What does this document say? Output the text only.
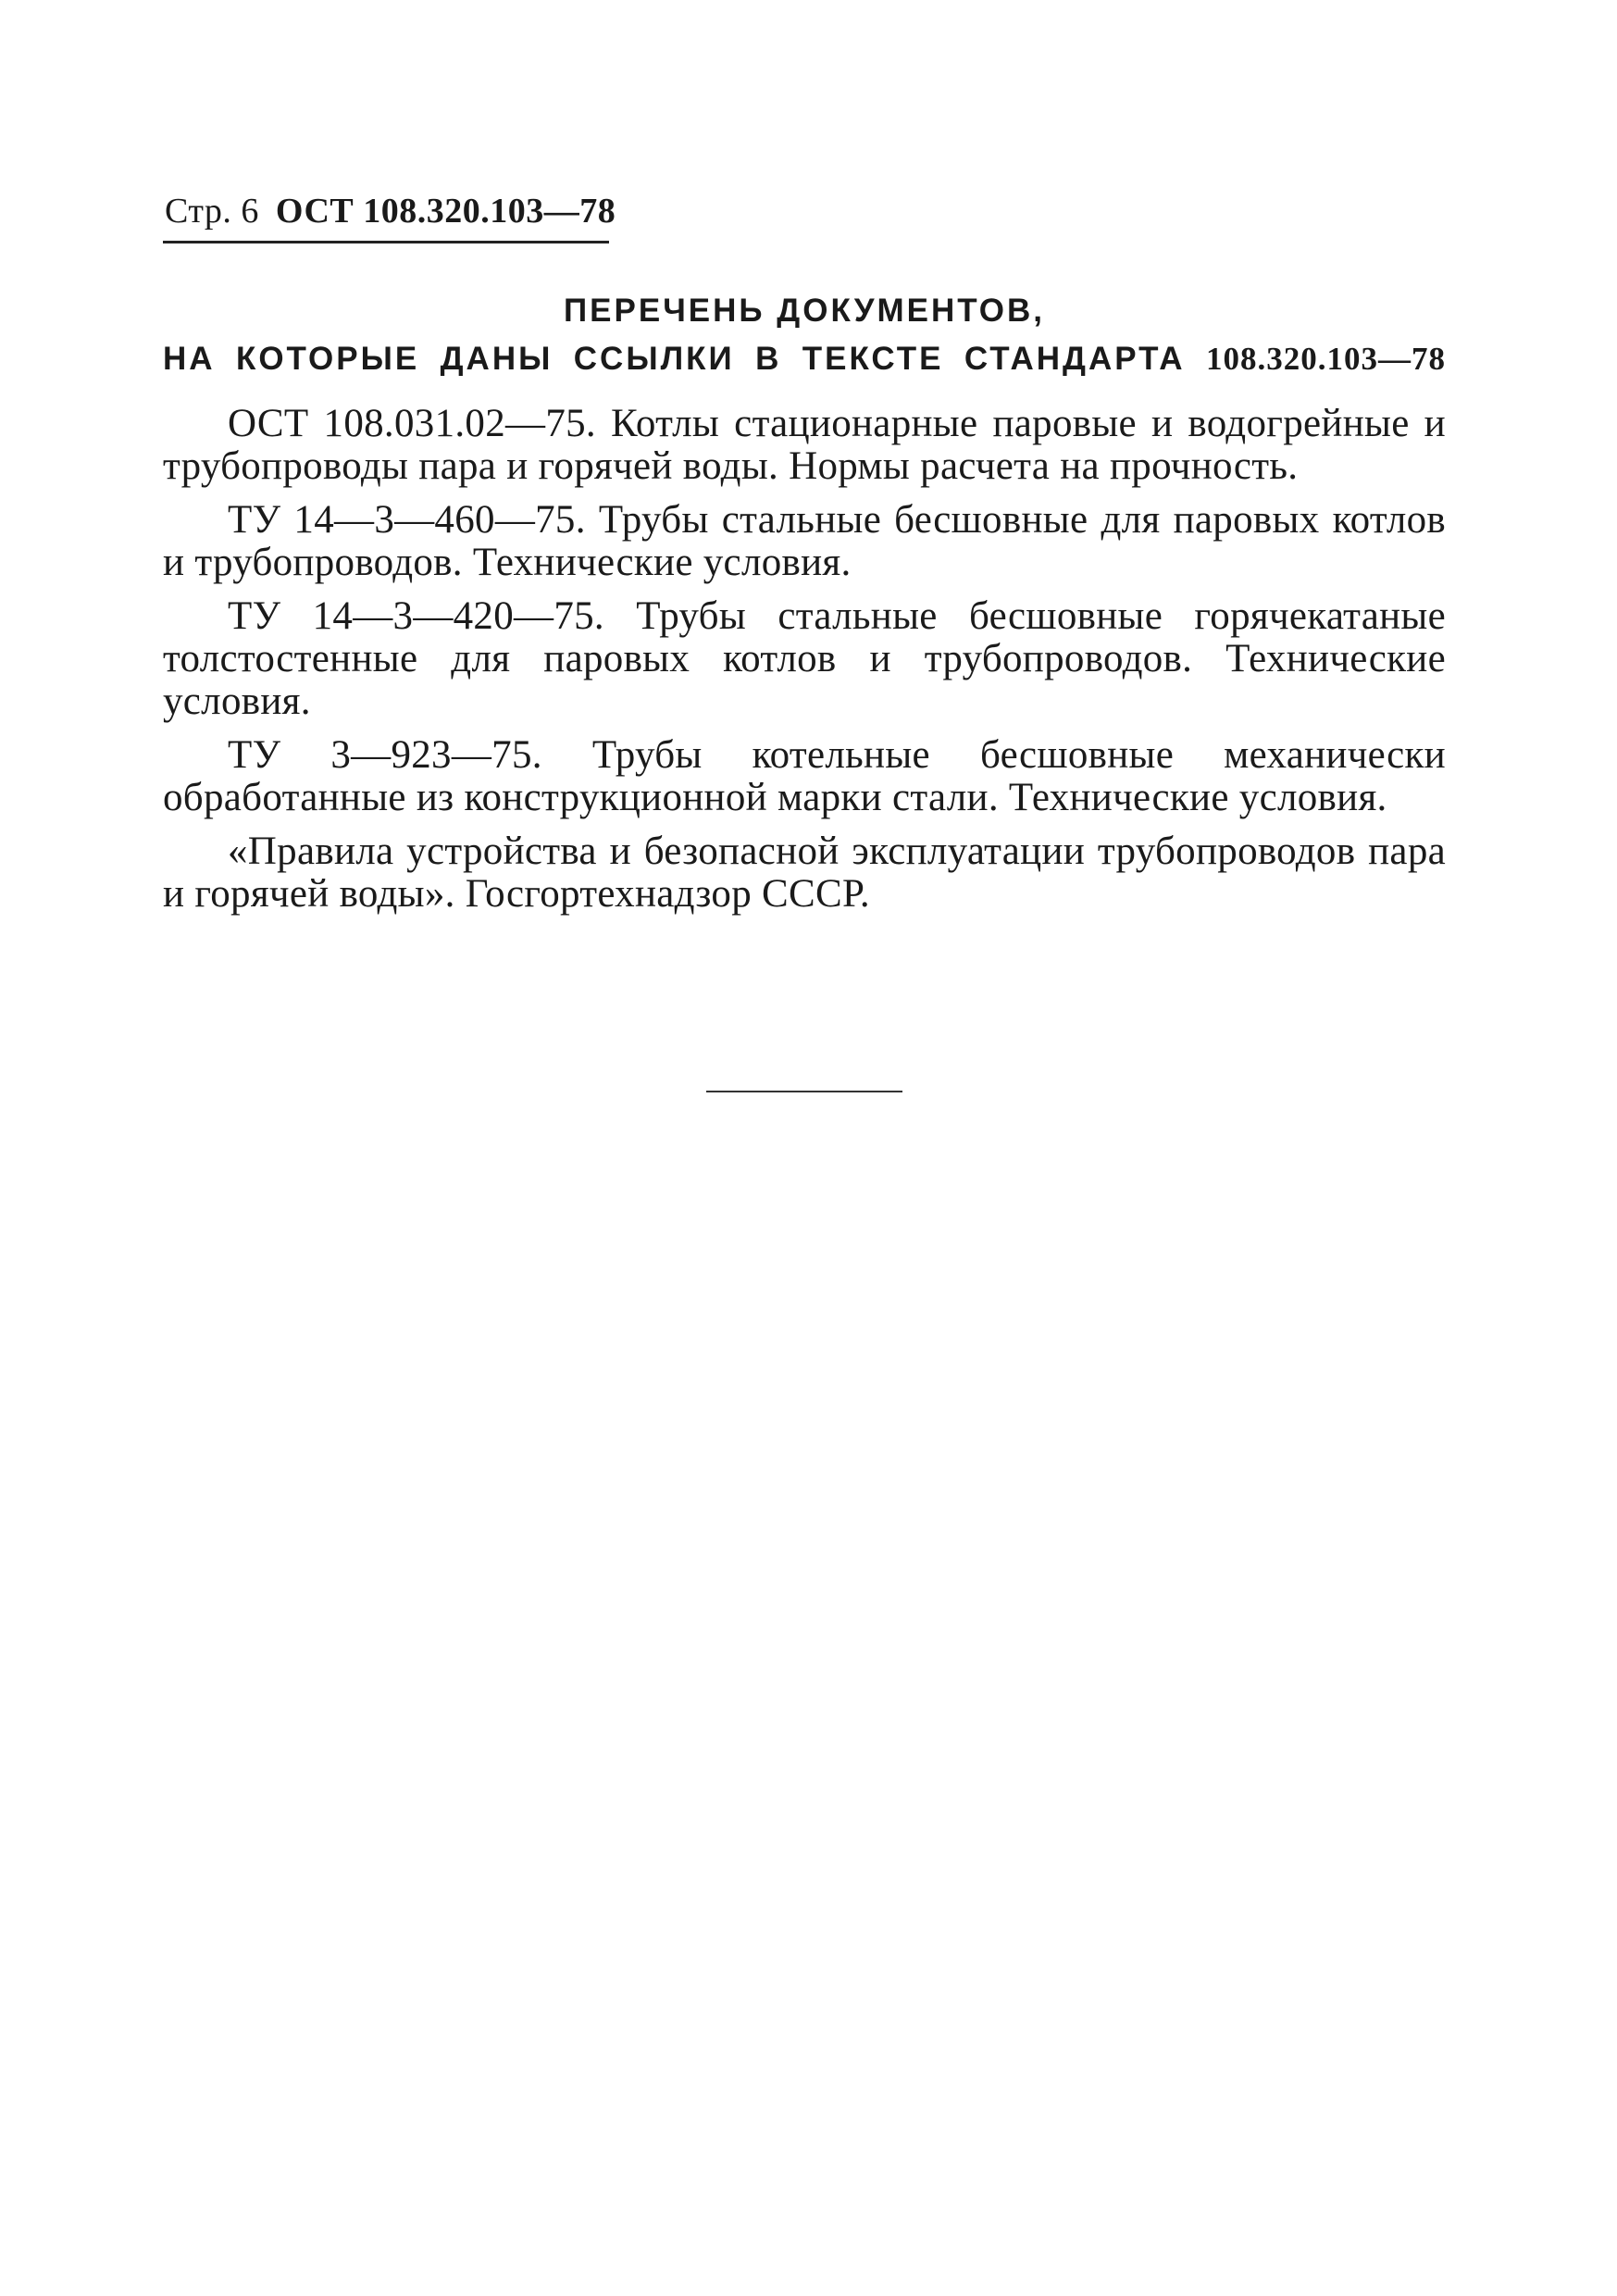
Стр. 6 ОСТ 108.320.103—78
ПЕРЕЧЕНЬ ДОКУМЕНТОВ,
НА КОТОРЫЕ ДАНЫ ССЫЛКИ В ТЕКСТЕ СТАНДАРТА 108.320.103—78

ОСТ 108.031.02—75. Котлы стационарные паровые и водогрейные и трубопроводы пара и горячей воды. Нормы расчета на прочность.

ТУ 14—3—460—75. Трубы стальные бесшовные для паровых котлов и трубопроводов. Технические условия.

ТУ 14—3—420—75. Трубы стальные бесшовные горячекатаные толстостенные для паровых котлов и трубопроводов. Технические условия.

ТУ 3—923—75. Трубы котельные бесшовные механически обработанные из конструкционной марки стали. Технические условия.

«Правила устройства и безопасной эксплуатации трубопроводов пара и горячей воды». Госгортехнадзор СССР.
